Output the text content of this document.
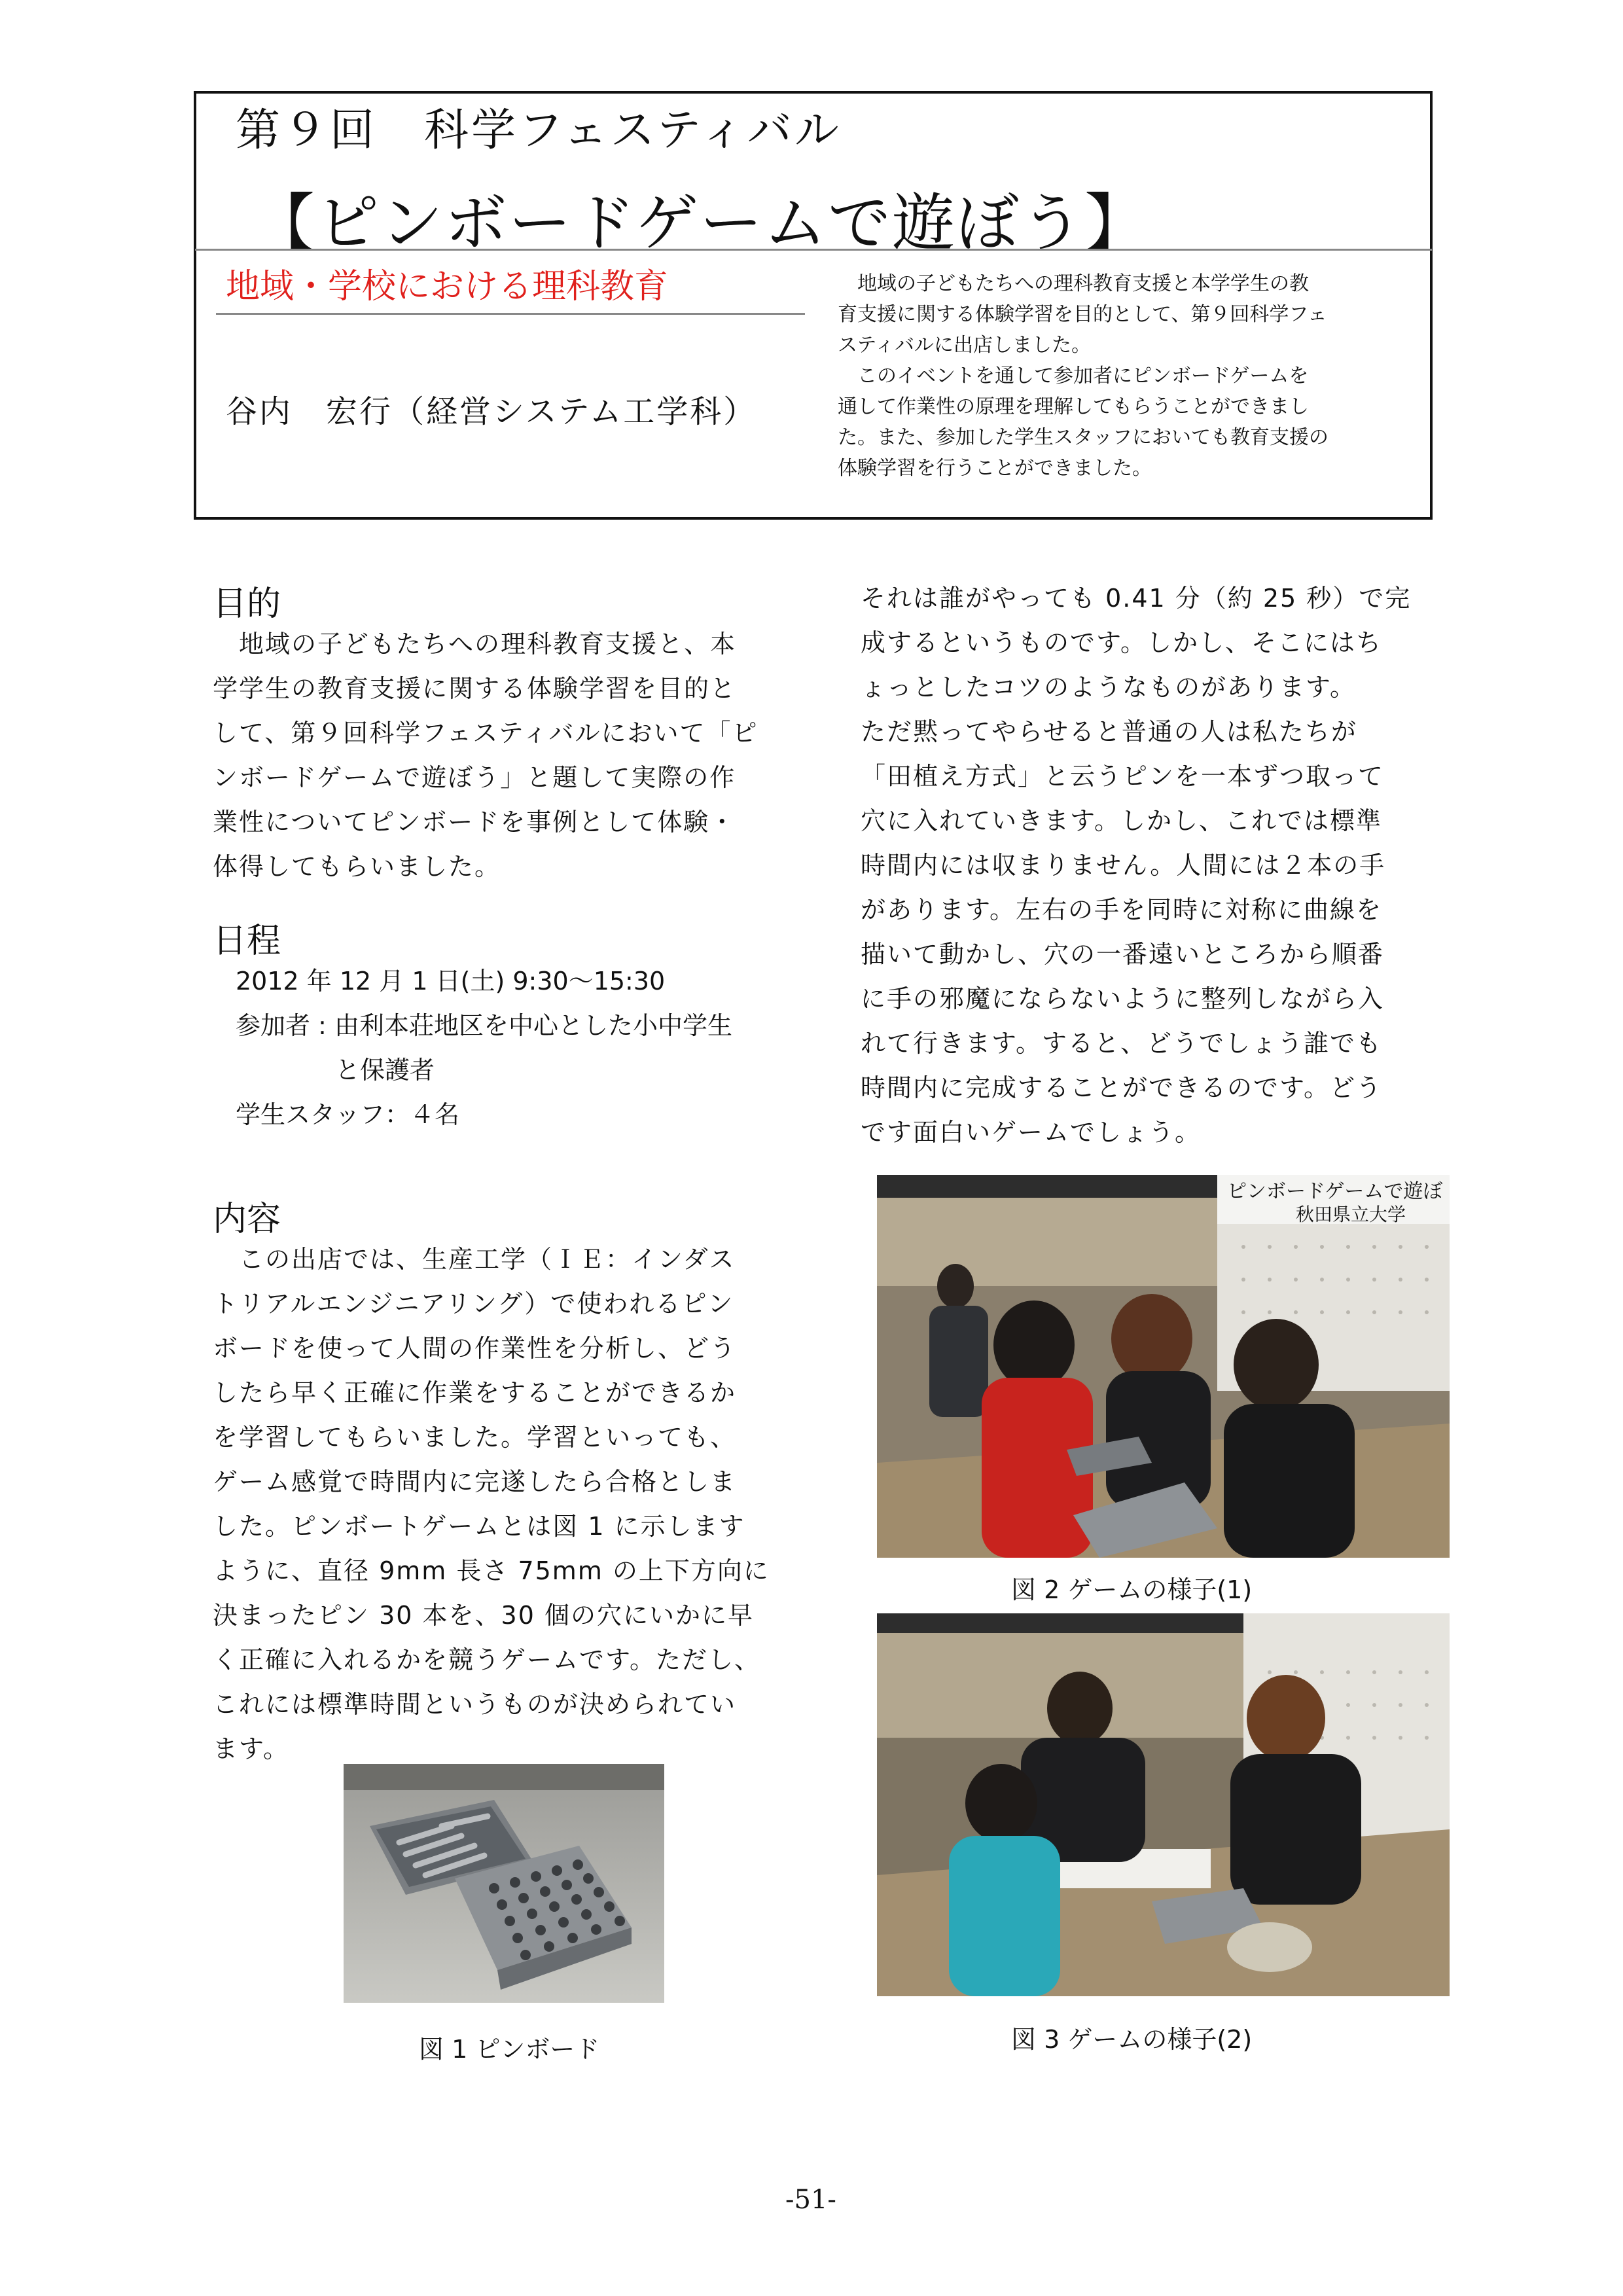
第９回　科学フェスティバル
【ピンボードゲームで遊ぼう】
地域・学校における理科教育
谷内　宏行（経営システム工学科）
　地域の子どもたちへの理科教育支援と本学学生の教
育支援に関する体験学習を目的として、第９回科学フェ
スティバルに出店しました。
　このイベントを通して参加者にピンボードゲームを
通して作業性の原理を理解してもらうことができまし
た。また、参加した学生スタッフにおいても教育支援の
体験学習を行うことができました。
目的
　地域の子どもたちへの理科教育支援と、本
学学生の教育支援に関する体験学習を目的と
して、第９回科学フェスティバルにおいて「ピ
ンボードゲームで遊ぼう」と題して実際の作
業性についてピンボードを事例として体験・
体得してもらいました。
日程
2012 年 12 月 1 日(土) 9:30〜15:30
参加者 : 由利本荘地区を中心とした小中学生
　　　　と保護者
学生スタッフ：４名
内容
　この出店では、生産工学（ＩＥ：インダス
トリアルエンジニアリング）で使われるピン
ボードを使って人間の作業性を分析し、どう
したら早く正確に作業をすることができるか
を学習してもらいました。学習といっても、
ゲーム感覚で時間内に完遂したら合格としま
した。ピンボートゲームとは図 1 に示します
ように、直径 9mm 長さ 75mm の上下方向に
決まったピン 30 本を、30 個の穴にいかに早
く正確に入れるかを競うゲームです。ただし、
これには標準時間というものが決められてい
ます。
それは誰がやっても 0.41 分（約 25 秒）で完
成するというものです。しかし、そこにはち
ょっとしたコツのようなものがあります。
ただ黙ってやらせると普通の人は私たちが
「田植え方式」と云うピンを一本ずつ取って
穴に入れていきます。しかし、これでは標準
時間内には収まりません。人間には２本の手
があります。左右の手を同時に対称に曲線を
描いて動かし、穴の一番遠いところから順番
に手の邪魔にならないように整列しながら入
れて行きます。すると、どうでしょう誰でも
時間内に完成することができるのです。どう
です面白いゲームでしょう。
図 1 ピンボード
ピンボードゲームで遊ぼ
秋田県立大学
図 2 ゲームの様子(1)
図 3 ゲームの様子(2)
-51-
